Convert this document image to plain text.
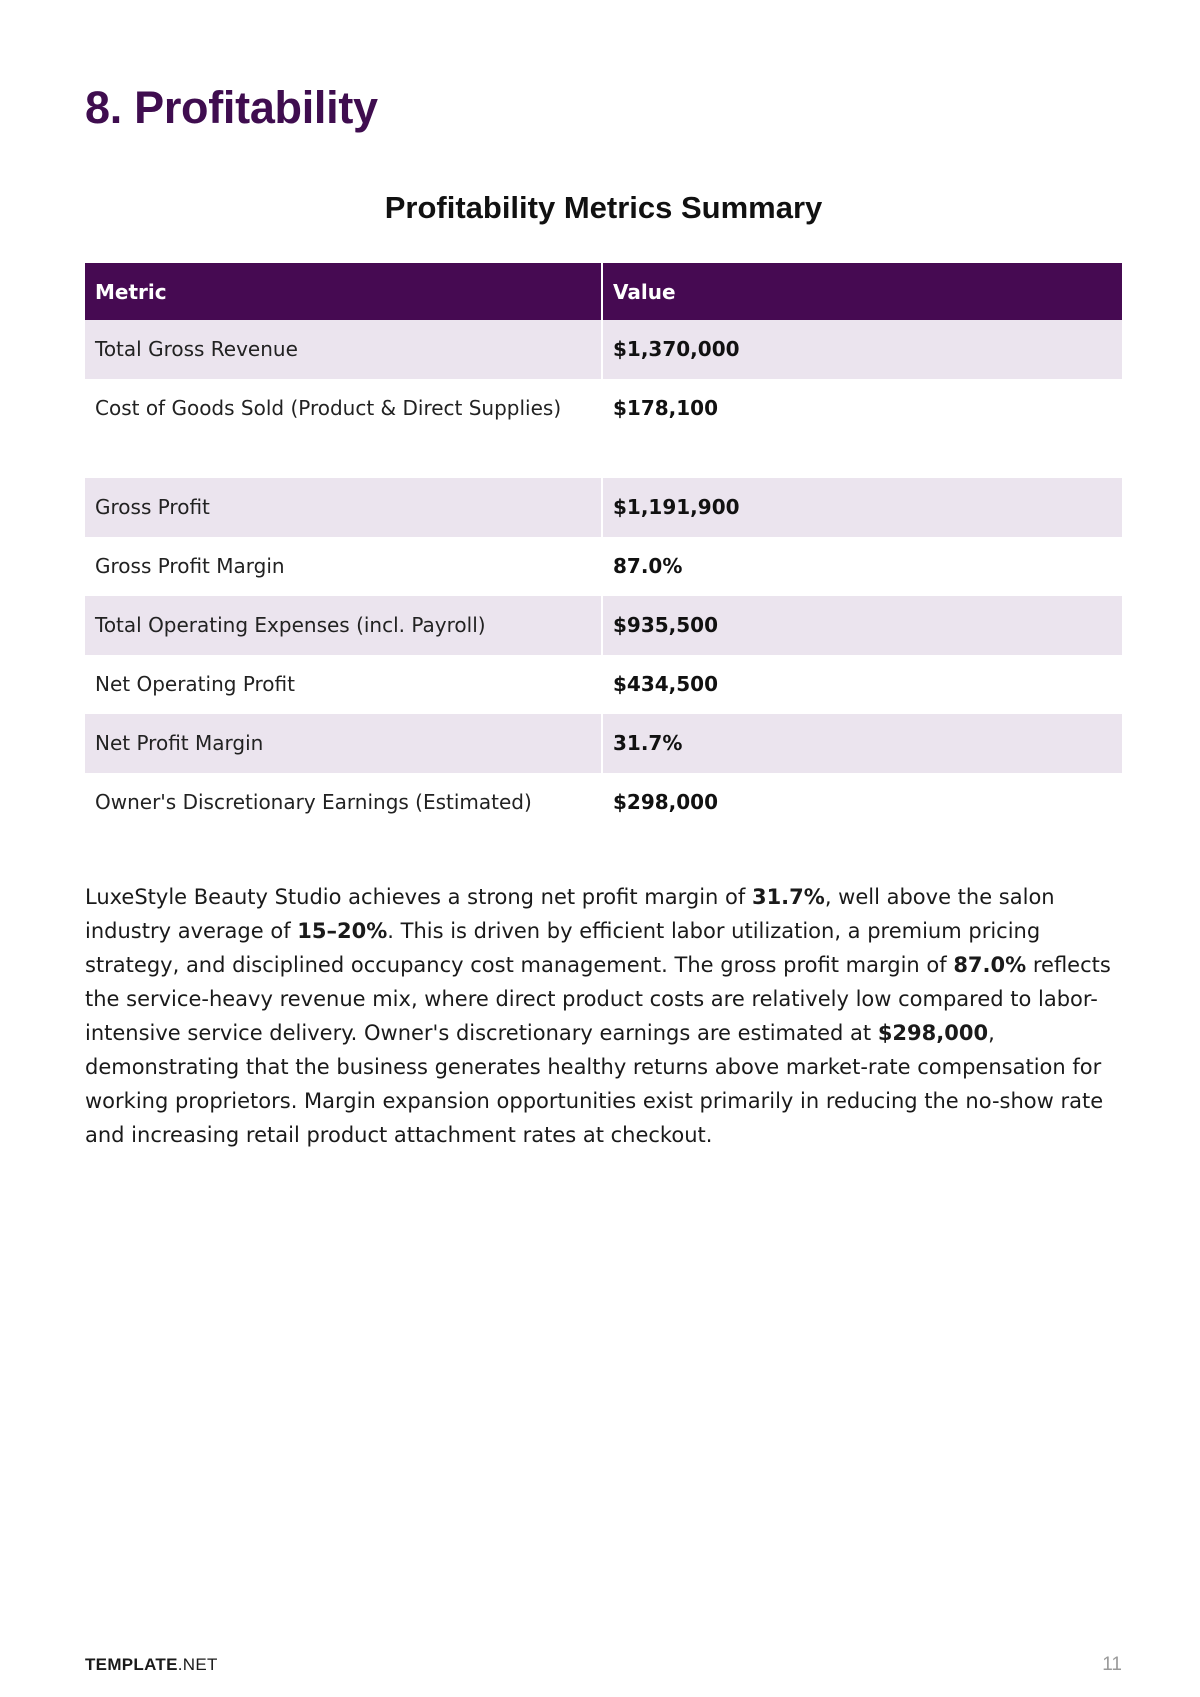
8. Profitability
Profitability Metrics Summary
Metric	Value
Total Gross Revenue	$1,370,000
Cost of Goods Sold (Product & Direct Supplies)	$178,100
Gross Profit	$1,191,900
Gross Profit Margin	87.0%
Total Operating Expenses (incl. Payroll)	$935,500
Net Operating Profit	$434,500
Net Profit Margin	31.7%
Owner's Discretionary Earnings (Estimated)	$298,000

LuxeStyle Beauty Studio achieves a strong net profit margin of 31.7%, well above the salon industry average of 15–20%. This is driven by efficient labor utilization, a premium pricing strategy, and disciplined occupancy cost management. The gross profit margin of 87.0% reflects the service-heavy revenue mix, where direct product costs are relatively low compared to labor-intensive service delivery. Owner's discretionary earnings are estimated at $298,000, demonstrating that the business generates healthy returns above market-rate compensation for working proprietors. Margin expansion opportunities exist primarily in reducing the no-show rate and increasing retail product attachment rates at checkout.

TEMPLATE.NET	11
